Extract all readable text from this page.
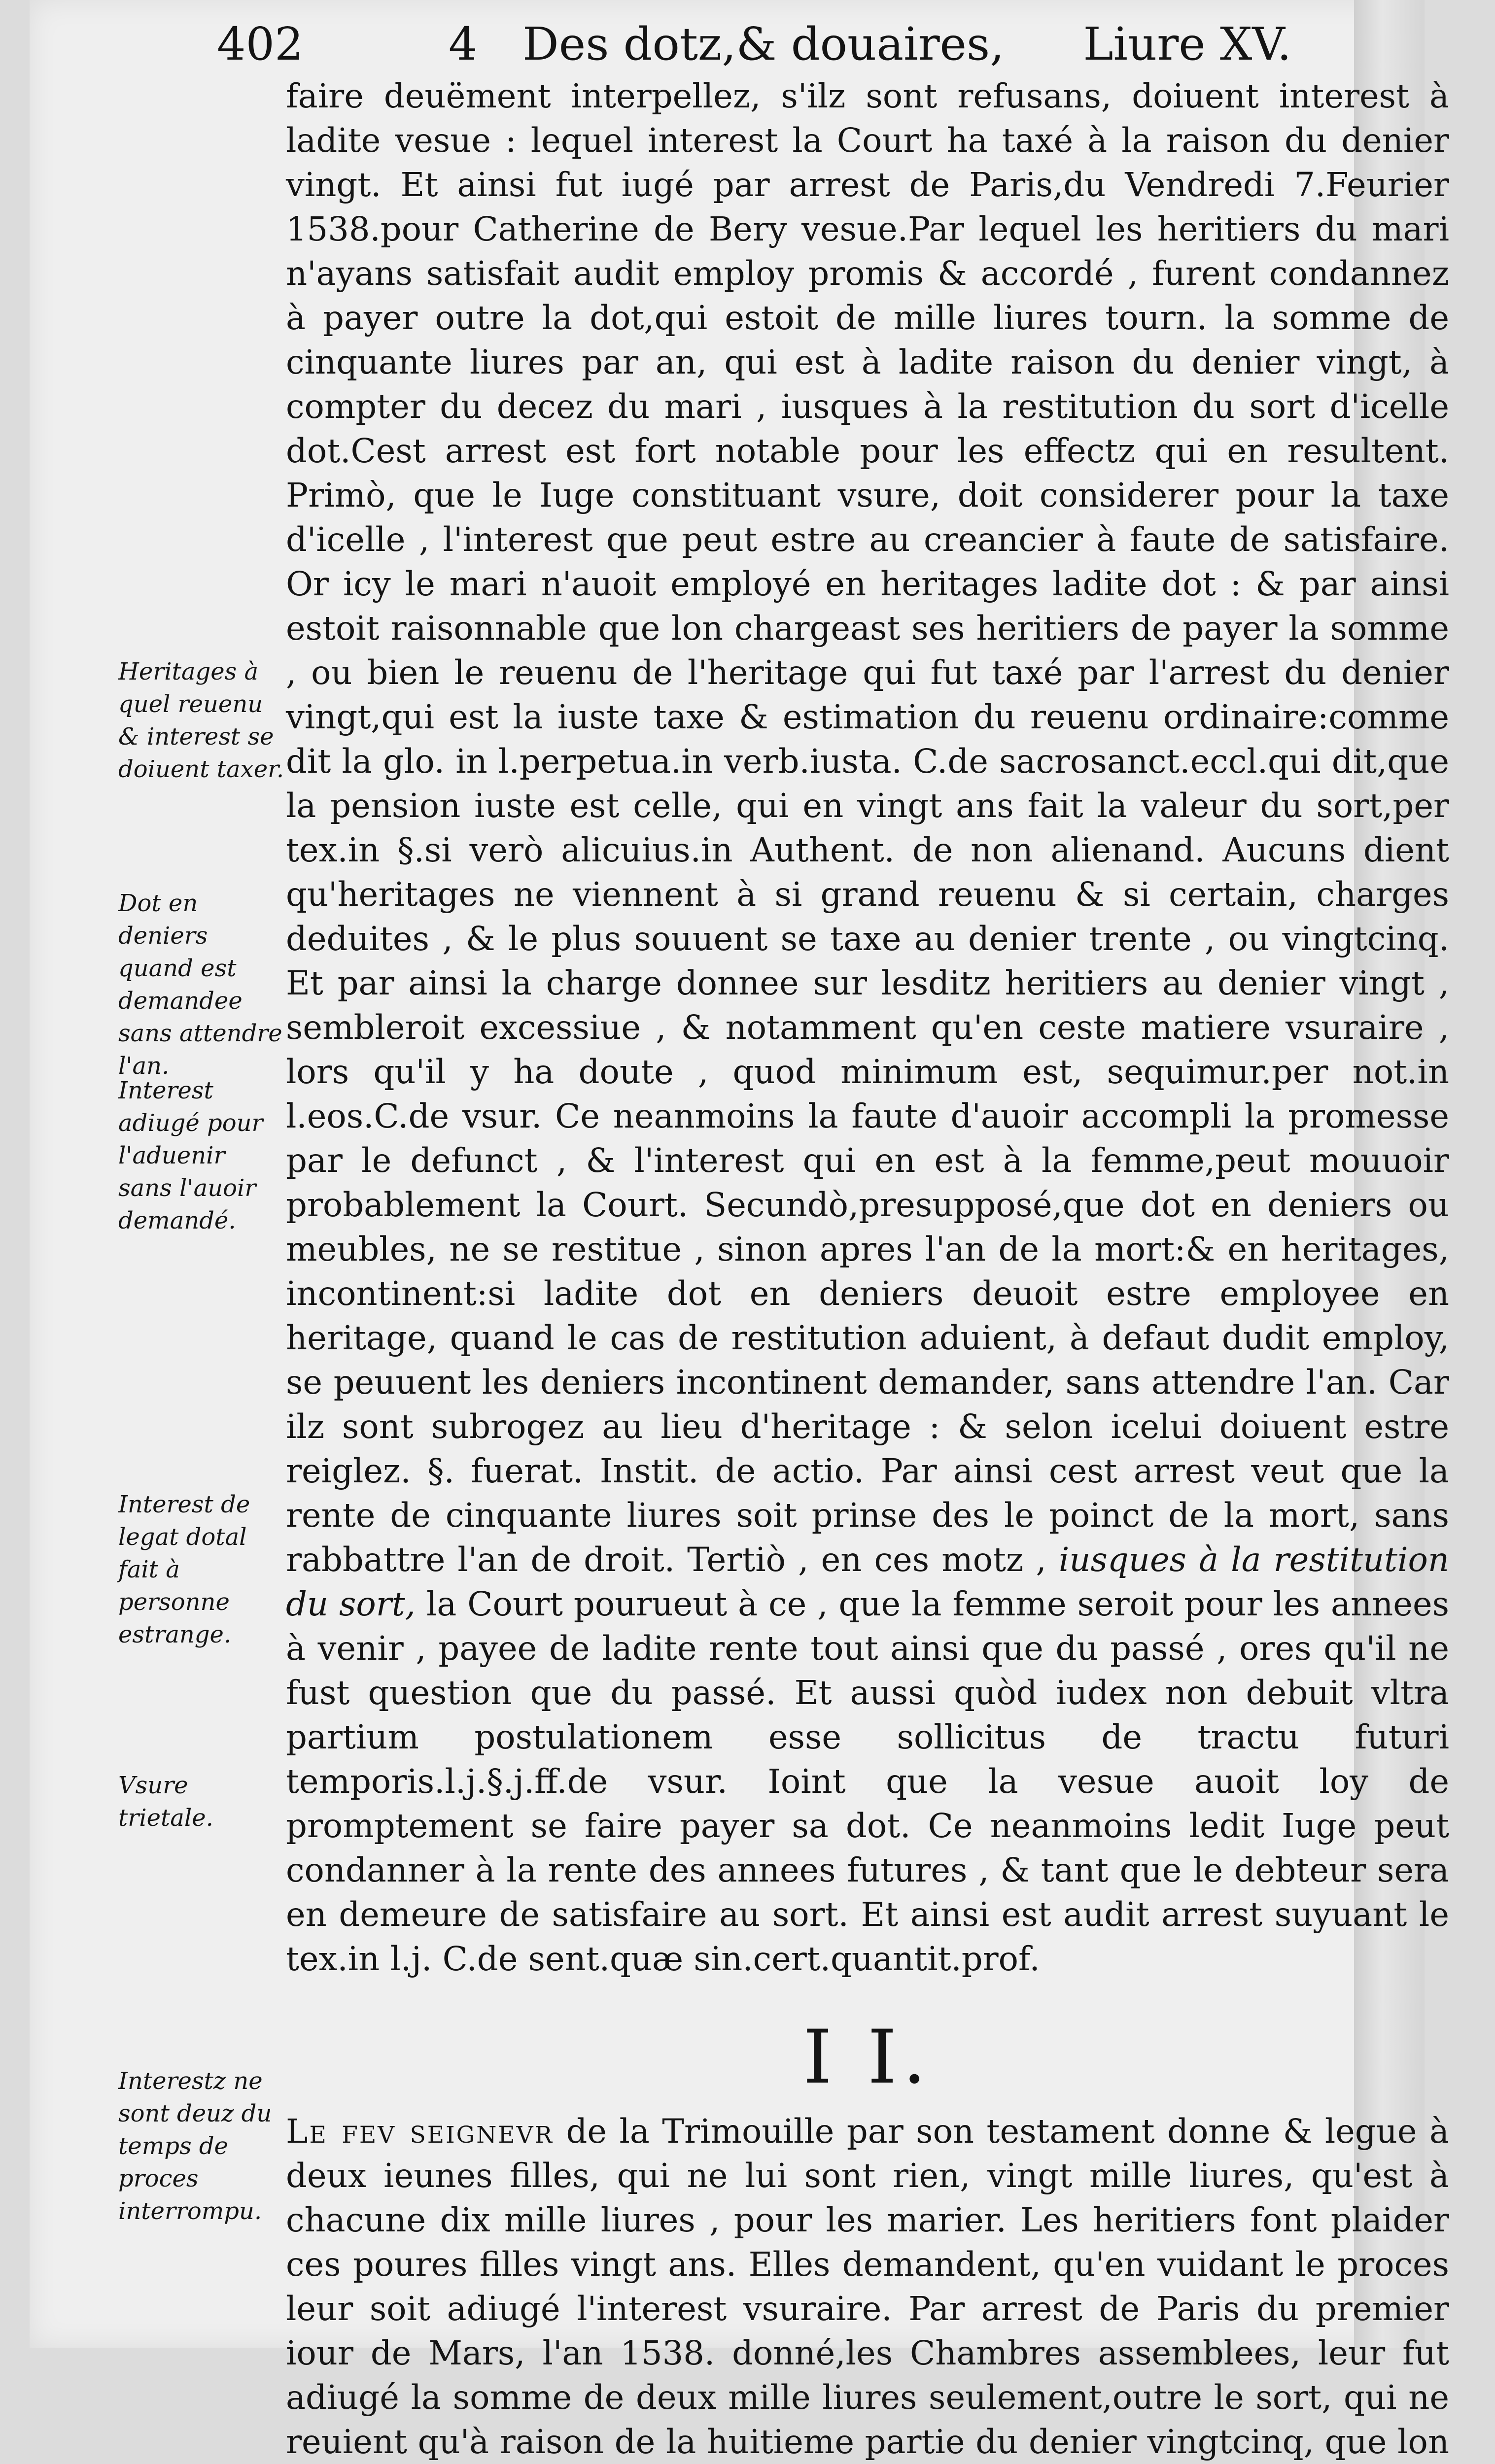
402	4 Des dotz,& douaires, Liure XV.

faire deuëment interpellez, s'ilz sont refusans, doiuent interest à ladite vesue : lequel interest la Court ha taxé à la raison du denier vingt. Et ainsi fut iugé par arrest de Paris,du Vendredi 7.Feurier 1538.pour Catherine de Bery vesue.Par lequel les heritiers du mari n'ayans satisfait audit employ promis & accordé , furent condannez à payer outre la dot,qui estoit de mille liures tourn. la somme de cinquante liures par an, qui est à ladite raison du denier vingt, à compter du decez du mari , iusques à la restitution du sort d'icelle dot.Cest arrest est fort notable pour les effectz qui en resultent. Primò, que le Iuge constituant vsure, doit considerer pour la taxe d'icelle , l'interest que peut estre au creancier à faute de satisfaire. Or icy le mari n'auoit employé en heritages ladite dot : & par ainsi estoit raisonnable que lon chargeast ses heritiers de payer la somme , ou bien le reuenu de l'heritage qui fut taxé par l'arrest du denier vingt,qui est la iuste taxe & estimation du reuenu ordinaire:comme dit la glo. in l.perpetua.in verb.iusta. C.de sacrosanct.eccl.qui dit,que la pension iuste est celle, qui en vingt ans fait la valeur du sort,per tex.in §.si verò alicuius.in Authent. de non alienand. Aucuns dient qu'heritages ne viennent à si grand reuenu & si certain, charges deduites , & le plus souuent se taxe au denier trente , ou vingtcinq. Et par ainsi la charge donnee sur lesditz heritiers au denier vingt , sembleroit excessiue , & notamment qu'en ceste matiere vsuraire , lors qu'il y ha doute , quod minimum est, sequimur.per not.in l.eos.C.de vsur. Ce neanmoins la faute d'auoir accompli la promesse par le defunct , & l'interest qui en est à la femme,peut mouuoir probablement la Court. Secundò,presupposé,que dot en deniers ou meubles, ne se restitue , sinon apres l'an de la mort:& en heritages, incontinent:si ladite dot en deniers deuoit estre employee en heritage, quand le cas de restitution aduient, à defaut dudit employ, se peuuent les deniers incontinent demander, sans attendre l'an. Car ilz sont subrogez au lieu d'heritage : & selon icelui doiuent estre reiglez. §. fuerat. Instit. de actio. Par ainsi cest arrest veut que la rente de cinquante liures soit prinse des le poinct de la mort, sans rabbattre l'an de droit. Tertiò , en ces motz , iusques à la restitution du sort, la Court pouruеut à ce , que la femme seroit pour les annees à venir , payee de ladite rente tout ainsi que du passé , ores qu'il ne fust question que du passé. Et aussi quòd iudex non debuit vltra partium postulationem esse sollicitus de tractu futuri temporis.l.j.§.j.ff.de vsur. Ioint que la vesue auoit loy de promptement se faire payer sa dot. Ce neanmoins ledit Iuge peut condanner à la rente des annees futures , & tant que le debteur sera en demeure de satisfaire au sort. Et ainsi est audit arrest suyuant le tex.in l.j. C.de sent.quæ sin.cert.quantit.prof.

I I.

Le fev seignevr de la Trimouille par son testament donne & legue à deux ieunes filles, qui ne lui sont rien, vingt mille liures, qu'est à chacune dix mille liures , pour les marier. Les heritiers font plaider ces poures filles vingt ans. Elles demandent, qu'en vuidant le proces leur soit adiugé l'interest vsuraire. Par arrest de Paris du premier iour de Mars, l'an 1538. donné,les Chambres assemblees, leur fut adiugé la somme de deux mille liures seulement,outre le sort, qui ne reuient qu'à raison de la huitieme partie du denier vingtcinq, que lon

Heritages à quel reuenu & interest se doiuent taxer.
Dot en deniers quand est demandee sans attendre l'an.
Interest adiugé pour l'aduenir sans l'auoir demandé.
Interest de legat dotal fait à personne estrange.
Vsure trietale.
Interestz ne sont deuz du temps de proces interrompu.
